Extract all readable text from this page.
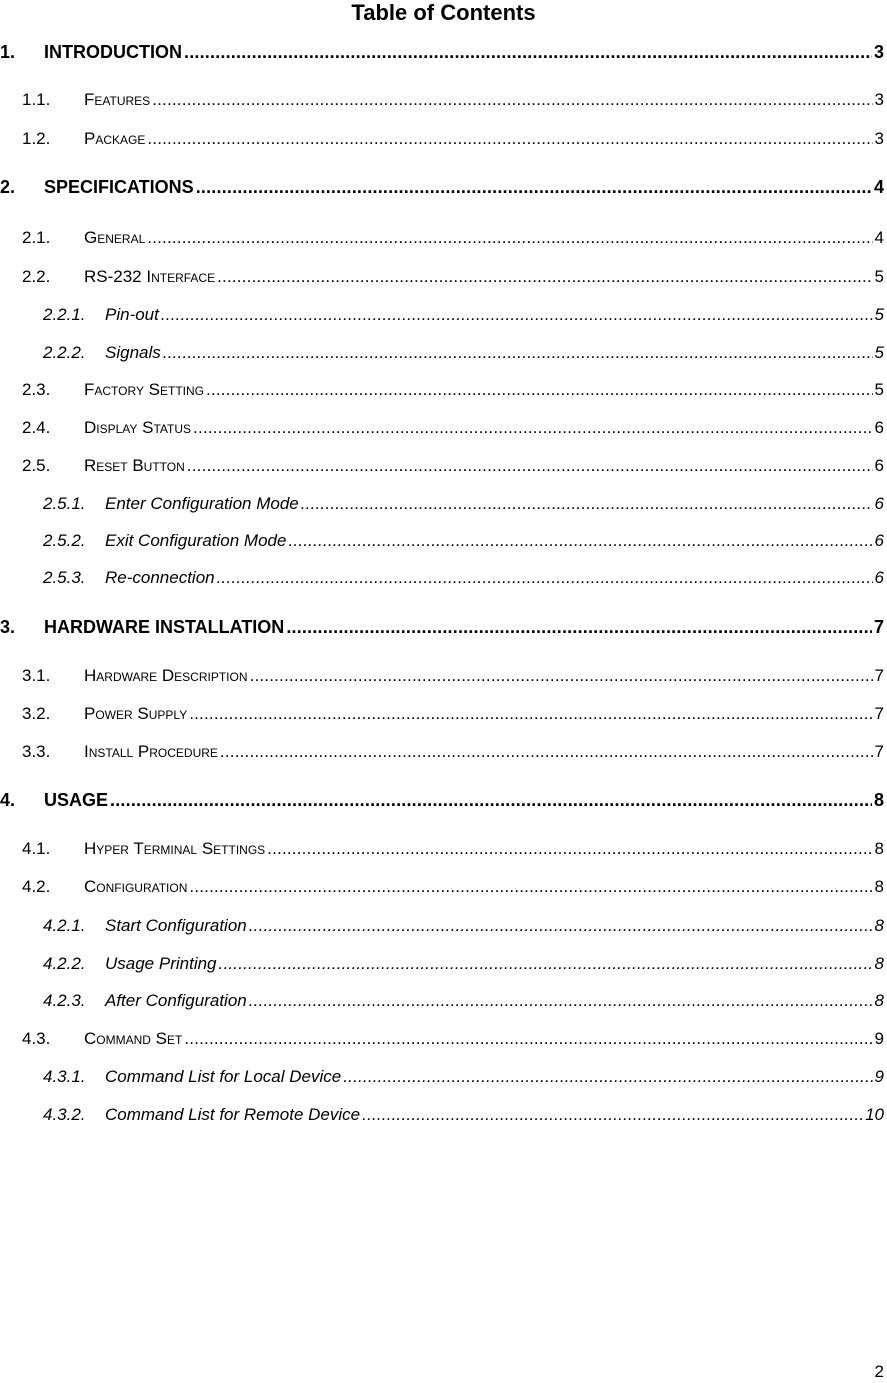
Table of Contents
1.	INTRODUCTION .....	3
1.1.	Features .....	3
1.2.	Package .....	3
2.	SPECIFICATIONS .....	4
2.1.	General .....	4
2.2.	RS-232 Interface .....	5
2.2.1.	Pin-out .....	5
2.2.2.	Signals .....	5
2.3.	Factory Setting .....	5
2.4.	Display Status .....	6
2.5.	Reset Button .....	6
2.5.1.	Enter Configuration Mode .....	6
2.5.2.	Exit Configuration Mode .....	6
2.5.3.	Re-connection .....	6
3.	HARDWARE INSTALLATION .....	7
3.1.	Hardware Description .....	7
3.2.	Power Supply .....	7
3.3.	Install Procedure .....	7
4.	USAGE .....	8
4.1.	Hyper Terminal Settings .....	8
4.2.	Configuration .....	8
4.2.1.	Start Configuration .....	8
4.2.2.	Usage Printing .....	8
4.2.3.	After Configuration .....	8
4.3.	Command Set .....	9
4.3.1.	Command List for Local Device .....	9
4.3.2.	Command List for Remote Device .....	10
2
